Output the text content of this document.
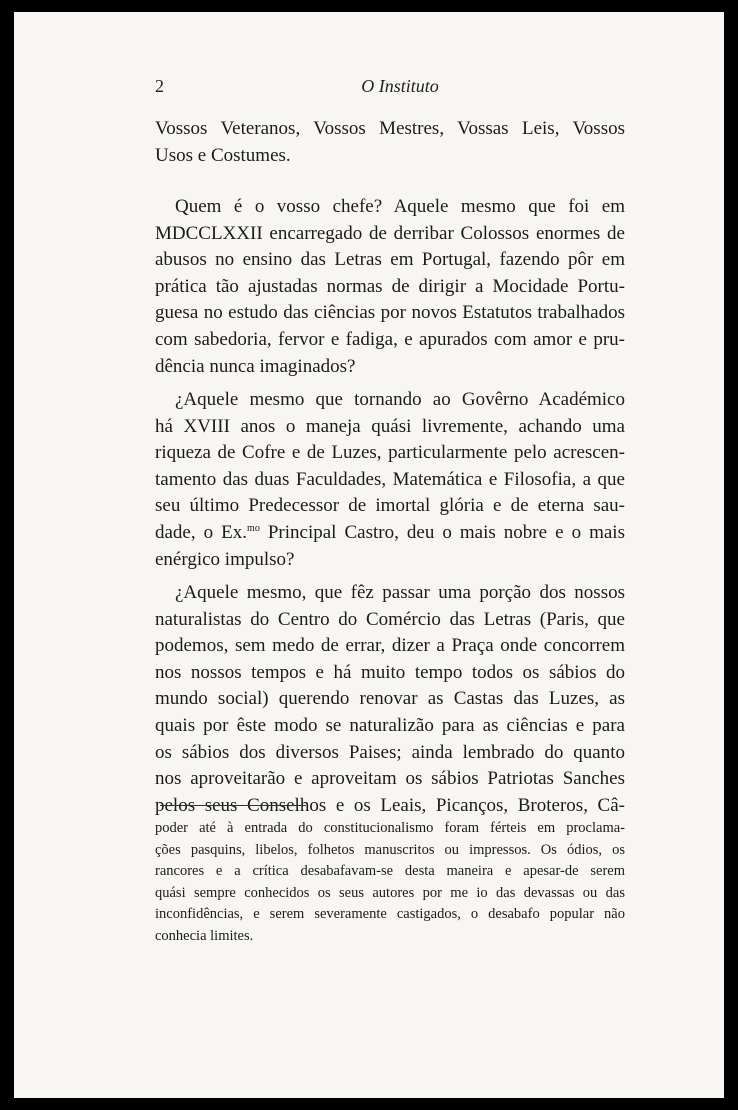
2	O Instituto
Vossos Veteranos, Vossos Mestres, Vossas Leis, Vossos
Usos e Costumes.
Quem é o vosso chefe? Aquele mesmo que foi em
MDCCLXXII encarregado de derribar Colossos enormes de
abusos no ensino das Letras em Portugal, fazendo pôr em
prática tão ajustadas normas de dirigir a Mocidade Portu-
guesa no estudo das ciências por novos Estatutos trabalhados
com sabedoria, fervor e fadiga, e apurados com amor e pru-
dência nunca imaginados?
¿Aquele mesmo que tornando ao Govêrno Académico
há XVIII anos o maneja quási livremente, achando uma
riqueza de Cofre e de Luzes, particularmente pelo acrescen-
tamento das duas Faculdades, Matemática e Filosofia, a que
seu último Predecessor de imortal glória e de eterna sau-
dade, o Ex.$^{mo}$ Principal Castro, deu o mais nobre e o mais
enérgico impulso?
¿Aquele mesmo, que fêz passar uma porção dos nossos
naturalistas do Centro do Comércio das Letras (Paris, que
podemos, sem medo de errar, dizer a Praça onde concorrem
nos nossos tempos e há muito tempo todos os sábios do
mundo social) querendo renovar as Castas das Luzes, as
quais por êste modo se naturalizão para as ciências e para
os sábios dos diversos Paises; ainda lembrado do quanto
nos aproveitarão e aproveitam os sábios Patriotas Sanches
pelos seus Conselhos e os Leais, Picanços, Broteros, Câ-
poder até à entrada do constitucionalismo foram férteis em proclama-
ções pasquins, libelos, folhetos manuscritos ou impressos. Os ódios, os
rancores e a crítica desabafavam-se desta maneira e apesar-de serem
quási sempre conhecidos os seus autores por me io das devassas ou das
inconfidências, e serem severamente castigados, o desabafo popular não
conhecia limites.
